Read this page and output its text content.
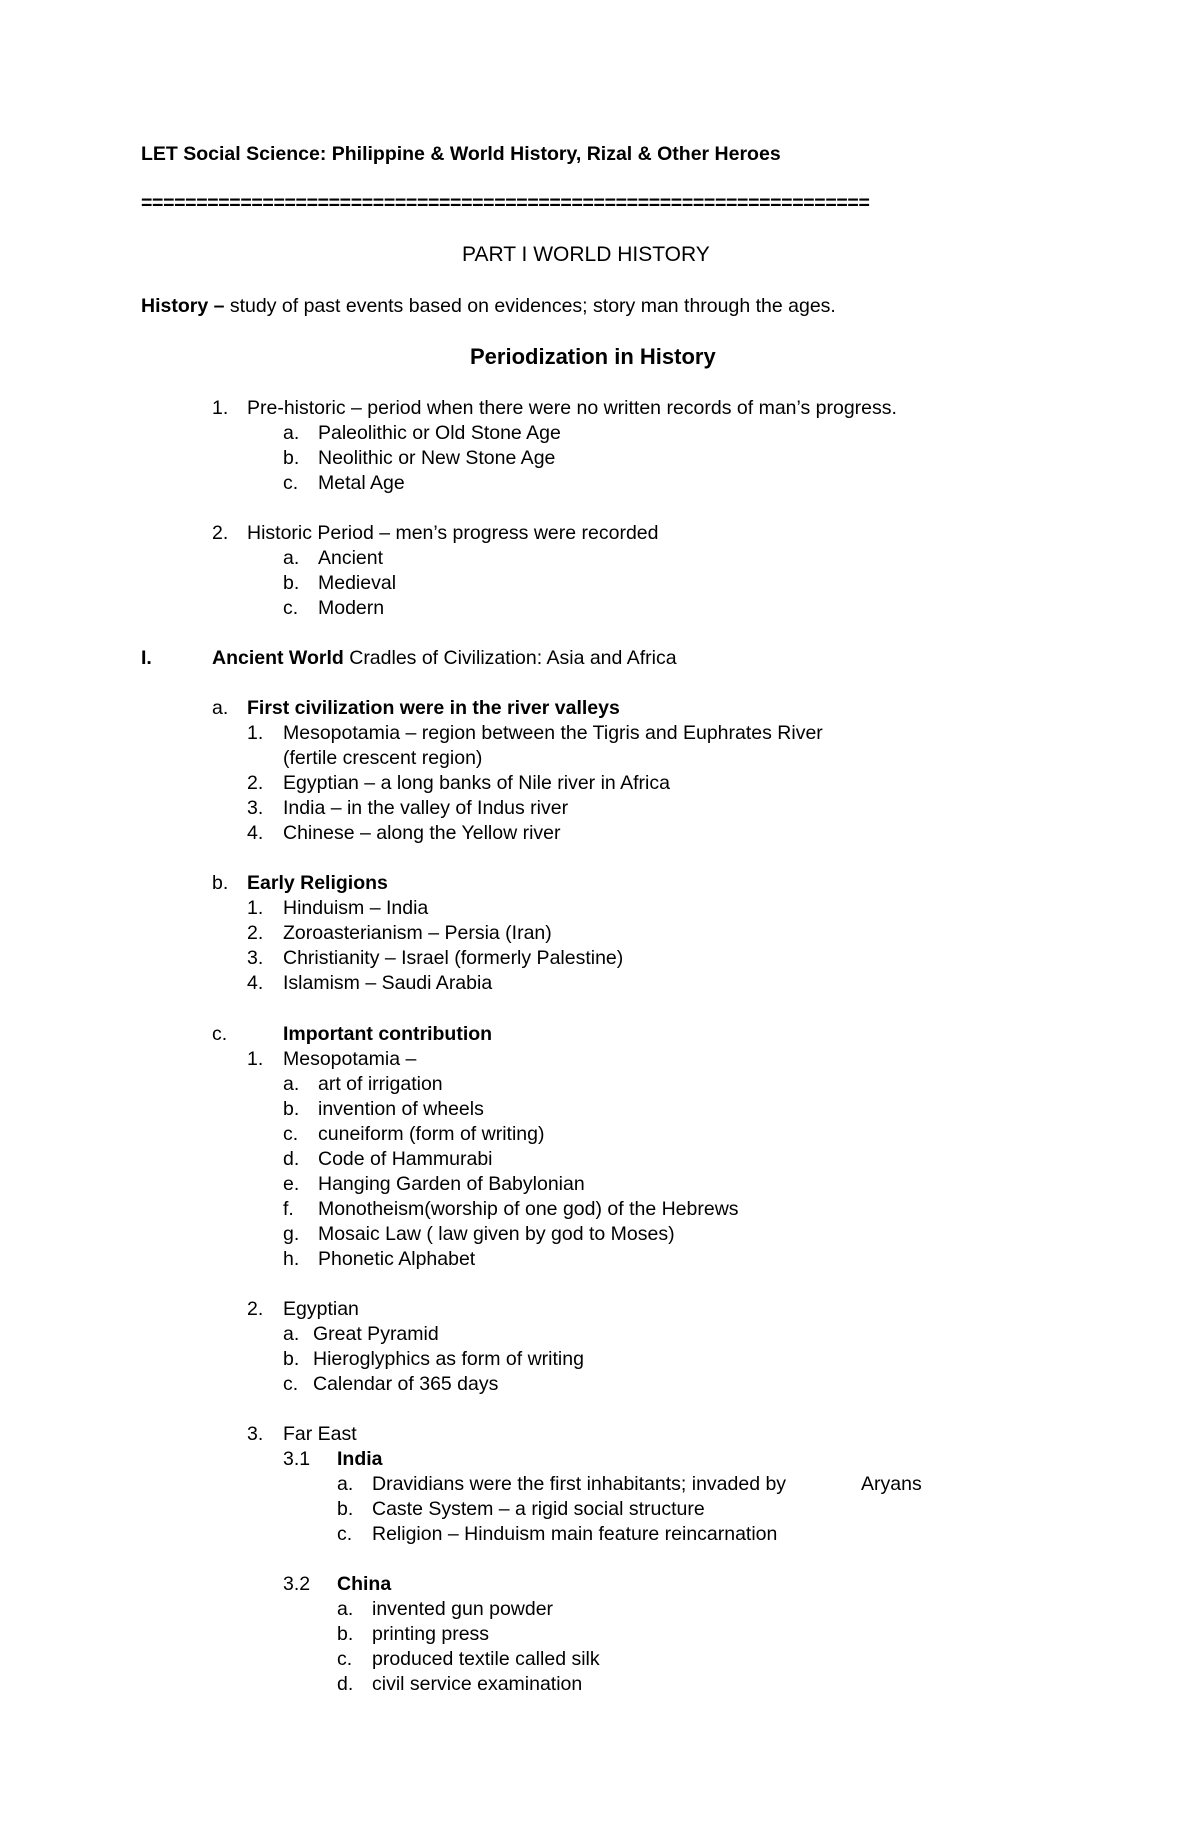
LET Social Science: Philippine & World History, Rizal & Other Heroes
==================================================================
PART I WORLD HISTORY
History – study of past events based on evidences; story man through the ages.
Periodization in History
1. Pre-historic – period when there were no written records of man’s progress.
a. Paleolithic or Old Stone Age
b. Neolithic or New Stone Age
c. Metal Age
2. Historic Period – men’s progress were recorded
a. Ancient
b. Medieval
c. Modern
I.	Ancient World Cradles of Civilization: Asia and Africa
a. First civilization were in the river valleys
1. Mesopotamia – region between the Tigris and Euphrates River
(fertile crescent region)
2. Egyptian – a long banks of Nile river in Africa
3. India – in the valley of Indus river
4. Chinese – along the Yellow river
b. Early Religions
1. Hinduism – India
2. Zoroasterianism – Persia (Iran)
3. Christianity – Israel (formerly Palestine)
4. Islamism – Saudi Arabia
c.	Important contribution
1. Mesopotamia –
a. art of irrigation
b. invention of wheels
c. cuneiform (form of writing)
d. Code of Hammurabi
e. Hanging Garden of Babylonian
f. Monotheism(worship of one god) of the Hebrews
g. Mosaic Law ( law given by god to Moses)
h. Phonetic Alphabet
2. Egyptian
a. Great Pyramid
b. Hieroglyphics as form of writing
c. Calendar of 365 days
3. Far East
3.1 India
a. Dravidians were the first inhabitants; invaded by	Aryans
b. Caste System – a rigid social structure
c. Religion – Hinduism main feature reincarnation
3.2 China
a. invented gun powder
b. printing press
c. produced textile called silk
d. civil service examination
